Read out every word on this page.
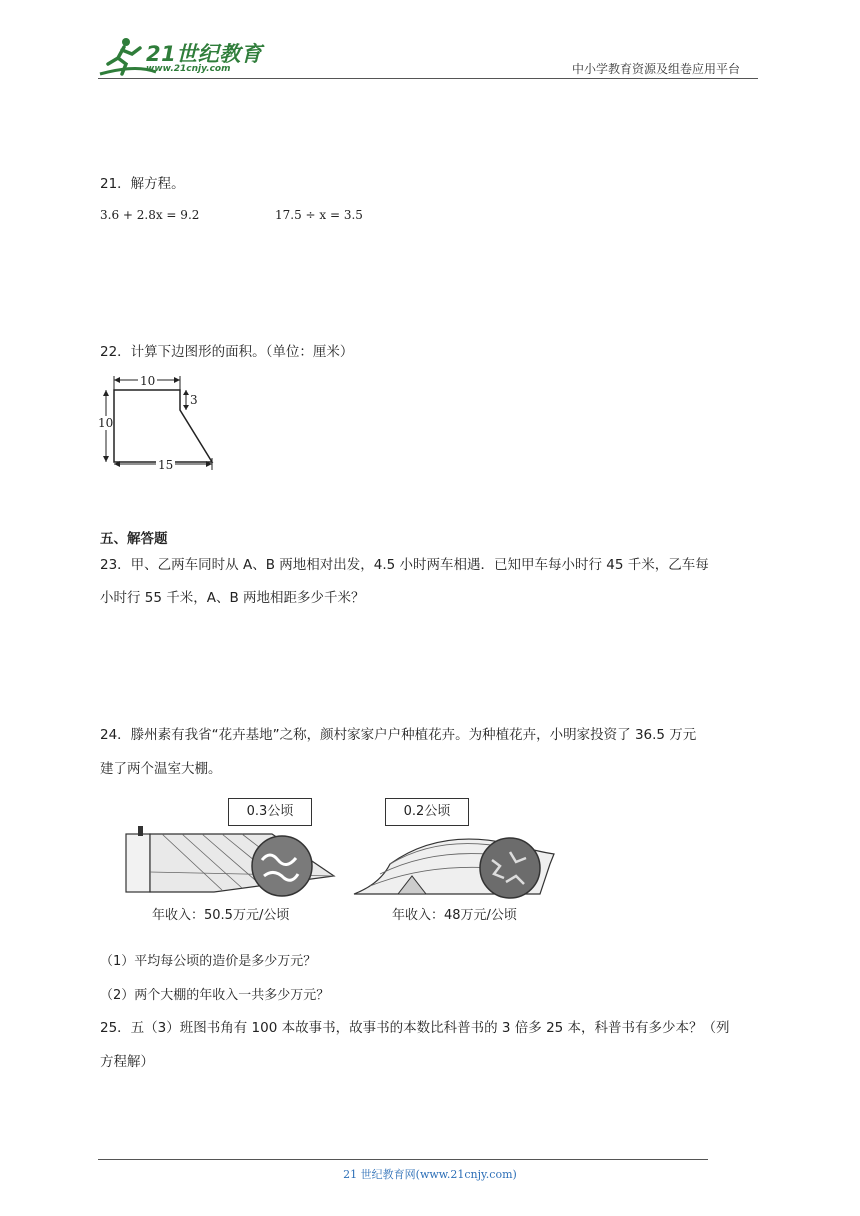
21世纪教育
www.21cnjy.com	中小学教育资源及组卷应用平台
21．解方程。
3.6 + 2.8x = 9.2	17.5 ÷ x = 3.5
22．计算下边图形的面积。（单位：厘米）
10
10
3
15
五、解答题
23．甲、乙两车同时从 A、B 两地相对出发，4.5 小时两车相遇．已知甲车每小时行 45 千米，乙车每
小时行 55 千米，A、B 两地相距多少千米？
24．滕州素有我省“花卉基地”之称，颜村家家户户种植花卉。为种植花卉，小明家投资了 36.5 万元
建了两个温室大棚。
0.3公顷
年收入：50.5万元/公顷
0.2公顷
年收入：48万元/公顷
（1）平均每公顷的造价是多少万元？
（2）两个大棚的年收入一共多少万元？
25．五（3）班图书角有 100 本故事书，故事书的本数比科普书的 3 倍多 25 本，科普书有多少本？（列
方程解）
21 世纪教育网(www.21cnjy.com)
